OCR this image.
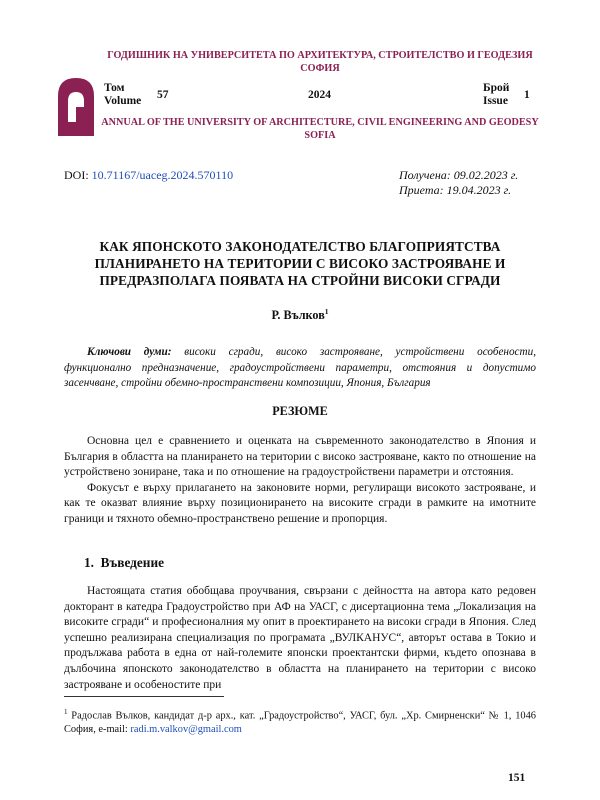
ГОДИШНИК НА УНИВЕРСИТЕТА ПО АРХИТЕКТУРА, СТРОИТЕЛСТВО И ГЕОДЕЗИЯ
СОФИЯ
Том
Volume 57	2024
Брой
Issue 1
ANNUAL OF THE UNIVERSITY OF ARCHITECTURE, CIVIL ENGINEERING AND GEODESY
SOFIA
DOI: 10.71167/uaceg.2024.570110	Получена: 09.02.2023 г.
Приета: 19.04.2023 г.
КАК ЯПОНСКОТО ЗАКОНОДАТЕЛСТВО БЛАГОПРИЯТСТВА
ПЛАНИРАНЕТО НА ТЕРИТОРИИ С ВИСОКО ЗАСТРОЯВАНЕ И
ПРЕДРАЗПОЛАГА ПОЯВАТА НА СТРОЙНИ ВИСОКИ СГРАДИ
Р. Вълков$^1$
Ключови думи: високи сгради, високо застрояване, устройствени особености, функционално предназначение, градоустройствени параметри, отстояния и допустимо засенчване, стройни обемно-пространствени композиции, Япония, България
РЕЗЮМЕ

Основна цел е сравнението и оценката на съвременното законодателство в Япония и България в областта на планирането на територии с високо застрояване, както по отношение на устройствено зониране, така и по отношение на градоустройствени параметри и отстояния.

Фокусът е върху прилагането на законовите норми, регулиращи високото застрояване, и как те оказват влияние върху позиционирането на високите сгради в рамките на имотните граници и тяхното обемно-пространствено решение и пропорция.

1. Въведение

Настоящата статия обобщава проучвания, свързани с дейността на автора като редовен докторант в катедра Градоустройство при АФ на УАСГ, с дисертационна тема „Локализация на високите сгради“ и професионалния му опит в проектирането на високи сгради в Япония. След успешно реализирана специализация по програмата „ВУЛКАНУС“, авторът остава в Токио и продължава работа в една от най-големите японски проектантски фирми, където опознава в дълбочина японското законодателство в областта на планирането на територии с високо застрояване и особеностите при

$^1$ Радослав Вълков, кандидат д-р арх., кат. „Градоустройство“, УАСГ, бул. „Хр. Смирненски“ № 1, 1046 София, e-mail: radi.m.valkov@gmail.com
151
